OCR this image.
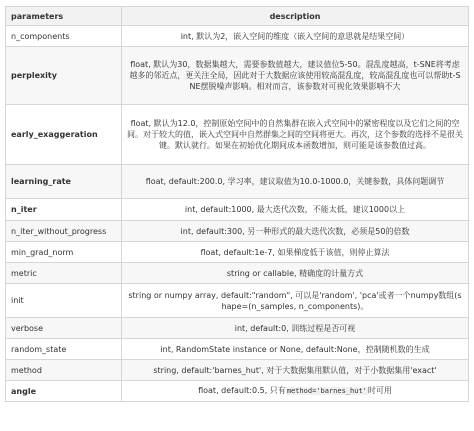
parameters	description
n_components	int, 默认为2，嵌入空间的维度（嵌入空间的意思就是结果空间）
perplexity	float, 默认为30，数据集越大，需要参数值越大，建议值位5-50。混乱度越高，t-SNE将考虑越多的邻近点，更关注全局，因此对于大数据应该使用较高混乱度，较高混乱度也可以帮助t-SNE摆脱噪声影响。相对而言，该参数对可视化效果影响不大
early_exaggeration	float, 默认为12.0，控制原始空间中的自然集群在嵌入式空间中的紧密程度以及它们之间的空间。对于较大的值，嵌入式空间中自然群集之间的空间将更大。再次，这个参数的选择不是很关键。默认就行。如果在初始优化期间成本函数增加，则可能是该参数值过高。
learning_rate	float, default:200.0, 学习率，建议取值为10.0-1000.0，关键参数，具体问题调节
n_iter	int, default:1000, 最大迭代次数，不能太低，建议1000以上
n_iter_without_progress	int, default:300, 另一种形式的最大迭代次数，必须是50的倍数
min_grad_norm	float, default:1e-7, 如果梯度低于该值，则停止算法
metric	string or callable, 精确度的计量方式
init	string or numpy array, default:"random", 可以是'random', 'pca'或者一个numpy数组(shape=(n_samples, n_components)。
verbose	int, default:0, 训练过程是否可视
random_state	int, RandomState instance or None, default:None，控制随机数的生成
method	string, default:'barnes_hut', 对于大数据集用默认值，对于小数据集用'exact'
angle	float, default:0.5, 只有method='barnes_hut'时可用
